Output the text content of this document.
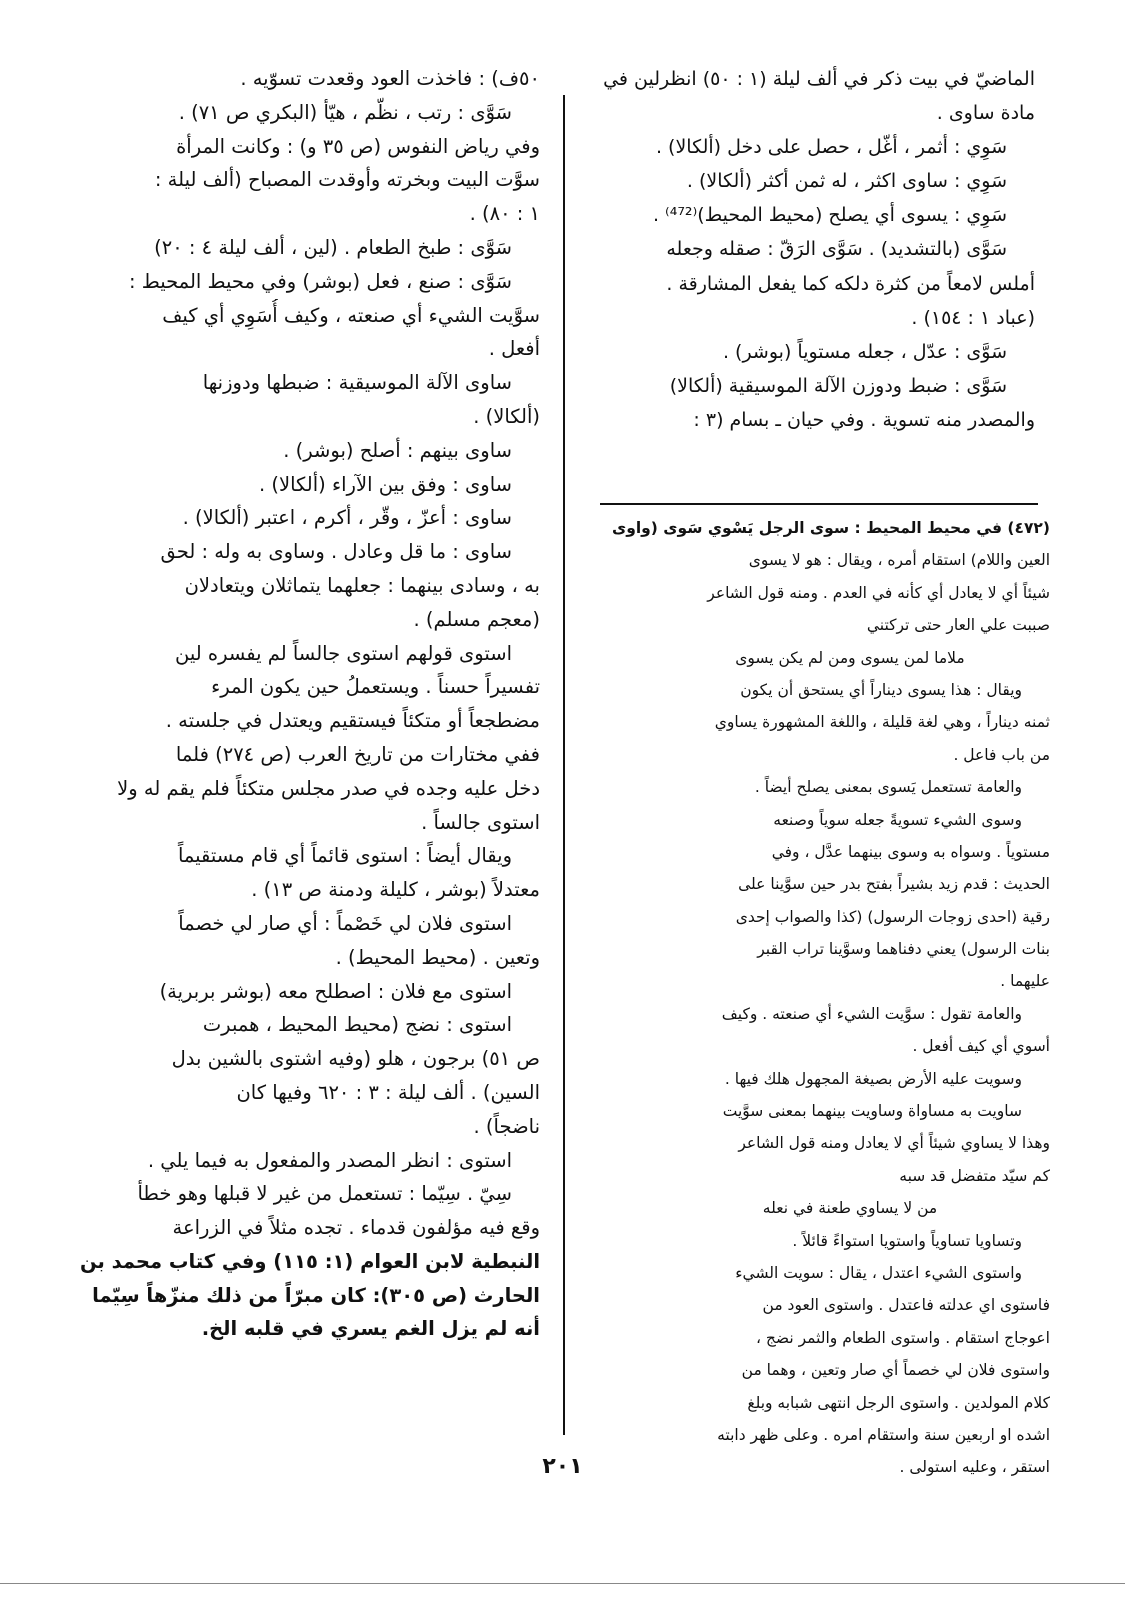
الماضيّ في بيت ذكر في ألف ليلة (١ : ٥٠) انظرلين في
مادة ساوى .
سَوِي : أثمر ، أغّل ، حصل على دخل (ألكالا) .
سَوِي : ساوى اكثر ، له ثمن أكثر (ألكالا) .
سَوِي : يسوى أي يصلح (محيط المحيط)⁽⁴⁷²⁾ .
سَوَّى (بالتشديد) . سَوَّى الرَقّ : صقله وجعله
أملس لامعاً من كثرة دلكه كما يفعل المشارقة .
(عباد ١ : ١٥٤) .
سَوَّى : عدّل ، جعله مستوياً (بوشر) .
سَوَّى : ضبط ودوزن الآلة الموسيقية (ألكالا)
والمصدر منه تسوية . وفي حيان ـ بسام (٣ :
(٤٧٢) في محيط المحيط : سوى الرجل يَسْوي سَوى (واوى
العين واللام) استقام أمره ، ويقال : هو لا يسوى
شيئاً أي لا يعادل أي كأنه في العدم . ومنه قول الشاعر
صببت علي العار حتى تركتني
ملاما لمن يسوى ومن لم يكن يسوى
ويقال : هذا يسوى ديناراً أي يستحق أن يكون
ثمنه ديناراً ، وهي لغة قليلة ، واللغة المشهورة يساوي
من باب فاعل .
والعامة تستعمل يَسوى بمعنى يصلح أيضاً .
وسوى الشيء تسويةً جعله سوياً وصنعه
مستوياً . وسواه به وسوى بينهما عدَّل ، وفي
الحديث : قدم زيد بشيراً بفتح بدر حين سوَّينا على
رقية (احدى زوجات الرسول) (كذا والصواب إحدى
بنات الرسول) يعني دفناهما وسوَّينا تراب القبر
عليهما .
والعامة تقول : سوَّيت الشيء أي صنعته . وكيف
أسوي أي كيف أفعل .
وسويت عليه الأرض بصيغة المجهول هلك فيها .
ساويت به مساواة وساويت بينهما بمعنى سوَّيت
وهذا لا يساوي شيئاً أي لا يعادل ومنه قول الشاعر
كم سيّد متفضل قد سبه
من لا يساوي طعنة في نعله
وتساويا تساوياً واستويا استواءً قائلاً .
واستوى الشيء اعتدل ، يقال : سويت الشيء
فاستوى اي عدلته فاعتدل . واستوى العود من
اعوجاج استقام . واستوى الطعام والثمر نضج ،
واستوى فلان لي خصماً أي صار وتعين ، وهما من
كلام المولدين . واستوى الرجل انتهى شبابه وبلغ
اشده او اربعين سنة واستقام امره . وعلى ظهر دابته
استقر ، وعليه استولى .
٥٠ف) : فاخذت العود وقعدت تسوّيه .
سَوَّى : رتب ، نظّم ، هيّأ (البكري ص ٧١) .
وفي رياض النفوس (ص ٣٥ و) : وكانت المرأة
سوَّت البيت وبخرته وأوقدت المصباح (ألف ليلة :
١ : ٨٠) .
سَوَّى : طبخ الطعام . (لين ، ألف ليلة ٤ : ٢٠)
سَوَّى : صنع ، فعل (بوشر) وفي محيط المحيط :
سوَّيت الشيء أي صنعته ، وكيف أُسَوِي أي كيف
أفعل .
ساوى الآلة الموسيقية : ضبطها ودوزنها
(ألكالا) .
ساوى بينهم : أصلح (بوشر) .
ساوى : وفق بين الآراء (ألكالا) .
ساوى : أعزّ ، وقّر ، أكرم ، اعتبر (ألكالا) .
ساوى : ما قل وعادل . وساوى به وله : لحق
به ، وسادى بينهما : جعلهما يتماثلان ويتعادلان
(معجم مسلم) .
استوى قولهم استوى جالساً لم يفسره لين
تفسيراً حسناً . ويستعملُ حين يكون المرء
مضطجعاً أو متكئاً فيستقيم ويعتدل في جلسته .
ففي مختارات من تاريخ العرب (ص ٢٧٤) فلما
دخل عليه وجده في صدر مجلس متكئاً فلم يقم له ولا
استوى جالساً .
ويقال أيضاً : استوى قائماً أي قام مستقيماً
معتدلاً (بوشر ، كليلة ودمنة ص ١٣) .
استوى فلان لي خَصْماً : أي صار لي خصماً
وتعين . (محيط المحيط) .
استوى مع فلان : اصطلح معه (بوشر بربرية)
استوى : نضج (محيط المحيط ، همبرت
ص ٥١) برجون ، هلو (وفيه اشتوى بالشين بدل
السين) . ألف ليلة : ٣ : ٦٢٠ وفيها كان
ناضجاً) .
استوى : انظر المصدر والمفعول به فيما يلي .
سِيّ . سِيّما : تستعمل من غير لا قبلها وهو خطأ
وقع فيه مؤلفون قدماء . تجده مثلاً في الزراعة
النبطية لابن العوام (١: ١١٥) وفي كتاب محمد بن
الحارث (ص ٣٠٥): كان مبرّاً من ذلك منزّهاً سِيّما
أنه لم يزل الغم يسري في قلبه الخ.
٢٠١
